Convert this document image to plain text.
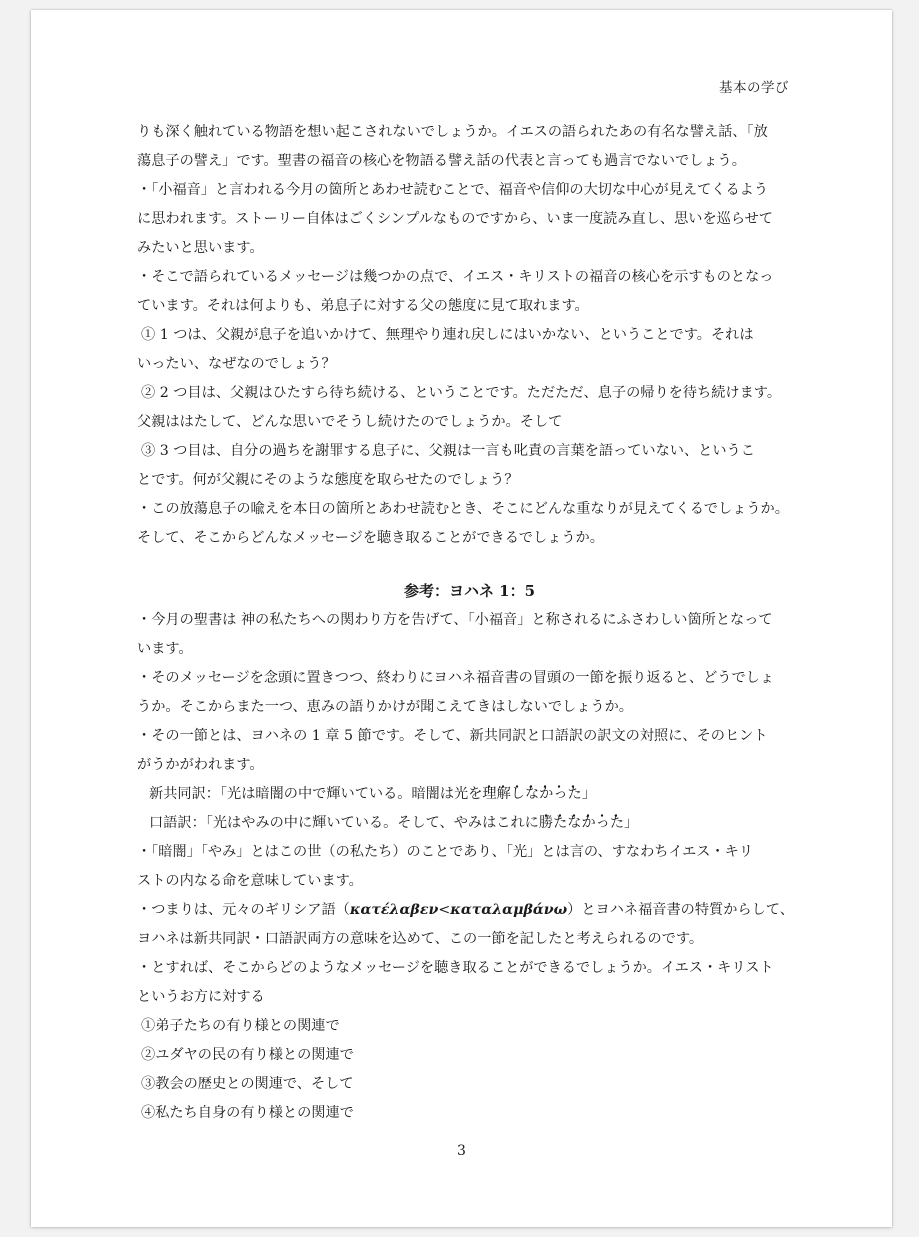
基本の学び
りも深く触れている物語を想い起こされないでしょうか。イエスの語られたあの有名な譬え話、「放
蕩息子の譬え」です。聖書の福音の核心を物語る譬え話の代表と言っても過言でないでしょう。
・「小福音」と言われる今月の箇所とあわせ読むことで、福音や信仰の大切な中心が見えてくるよう
に思われます。ストーリー自体はごくシンプルなものですから、いま一度読み直し、思いを巡らせて
みたいと思います。
・そこで語られているメッセージは幾つかの点で、イエス・キリストの福音の核心を示すものとなっ
ています。それは何よりも、弟息子に対する父の態度に見て取れます。
① 1 つは、父親が息子を追いかけて、無理やり連れ戻しにはいかない、ということです。それは
いったい、なぜなのでしょう？
② 2 つ目は、父親はひたすら待ち続ける、ということです。ただただ、息子の帰りを待ち続けます。
父親ははたして、どんな思いでそうし続けたのでしょうか。そして
③ 3 つ目は、自分の過ちを謝罪する息子に、父親は一言も叱責の言葉を語っていない、というこ
とです。何が父親にそのような態度を取らせたのでしょう？
・この放蕩息子の喩えを本日の箇所とあわせ読むとき、そこにどんな重なりが見えてくるでしょうか。
そして、そこからどんなメッセージを聴き取ることができるでしょうか。
参考：ヨハネ 1：5
・今月の聖書は 神の私たちへの関わり方を告げて、「小福音」と称されるにふさわしい箇所となって
います。
・そのメッセージを念頭に置きつつ、終わりにヨハネ福音書の冒頭の一節を振り返ると、どうでしょ
うか。そこからまた一つ、恵みの語りかけが聞こえてきはしないでしょうか。
・その一節とは、ヨハネの 1 章 5 節です。そして、新共同訳と口語訳の訳文の対照に、そのヒント
がうかがわれます。
新共同訳：「光は暗闇の中で輝いている。暗闇は光を理解しなかった」
口語訳：「光はやみの中に輝いている。そして、やみはこれに勝たなかった」
・「暗闇」「やみ」とはこの世（の私たち）のことであり、「光」とは言の、すなわちイエス・キリ
ストの内なる命を意味しています。
・つまりは、元々のギリシア語（κατέλαβεν<καταλαμβάνω）とヨハネ福音書の特質からして、
ヨハネは新共同訳・口語訳両方の意味を込めて、この一節を記したと考えられるのです。
・とすれば、そこからどのようなメッセージを聴き取ることができるでしょうか。イエス・キリスト
というお方に対する
①弟子たちの有り様との関連で
②ユダヤの民の有り様との関連で
③教会の歴史との関連で、そして
④私たち自身の有り様との関連で
3
